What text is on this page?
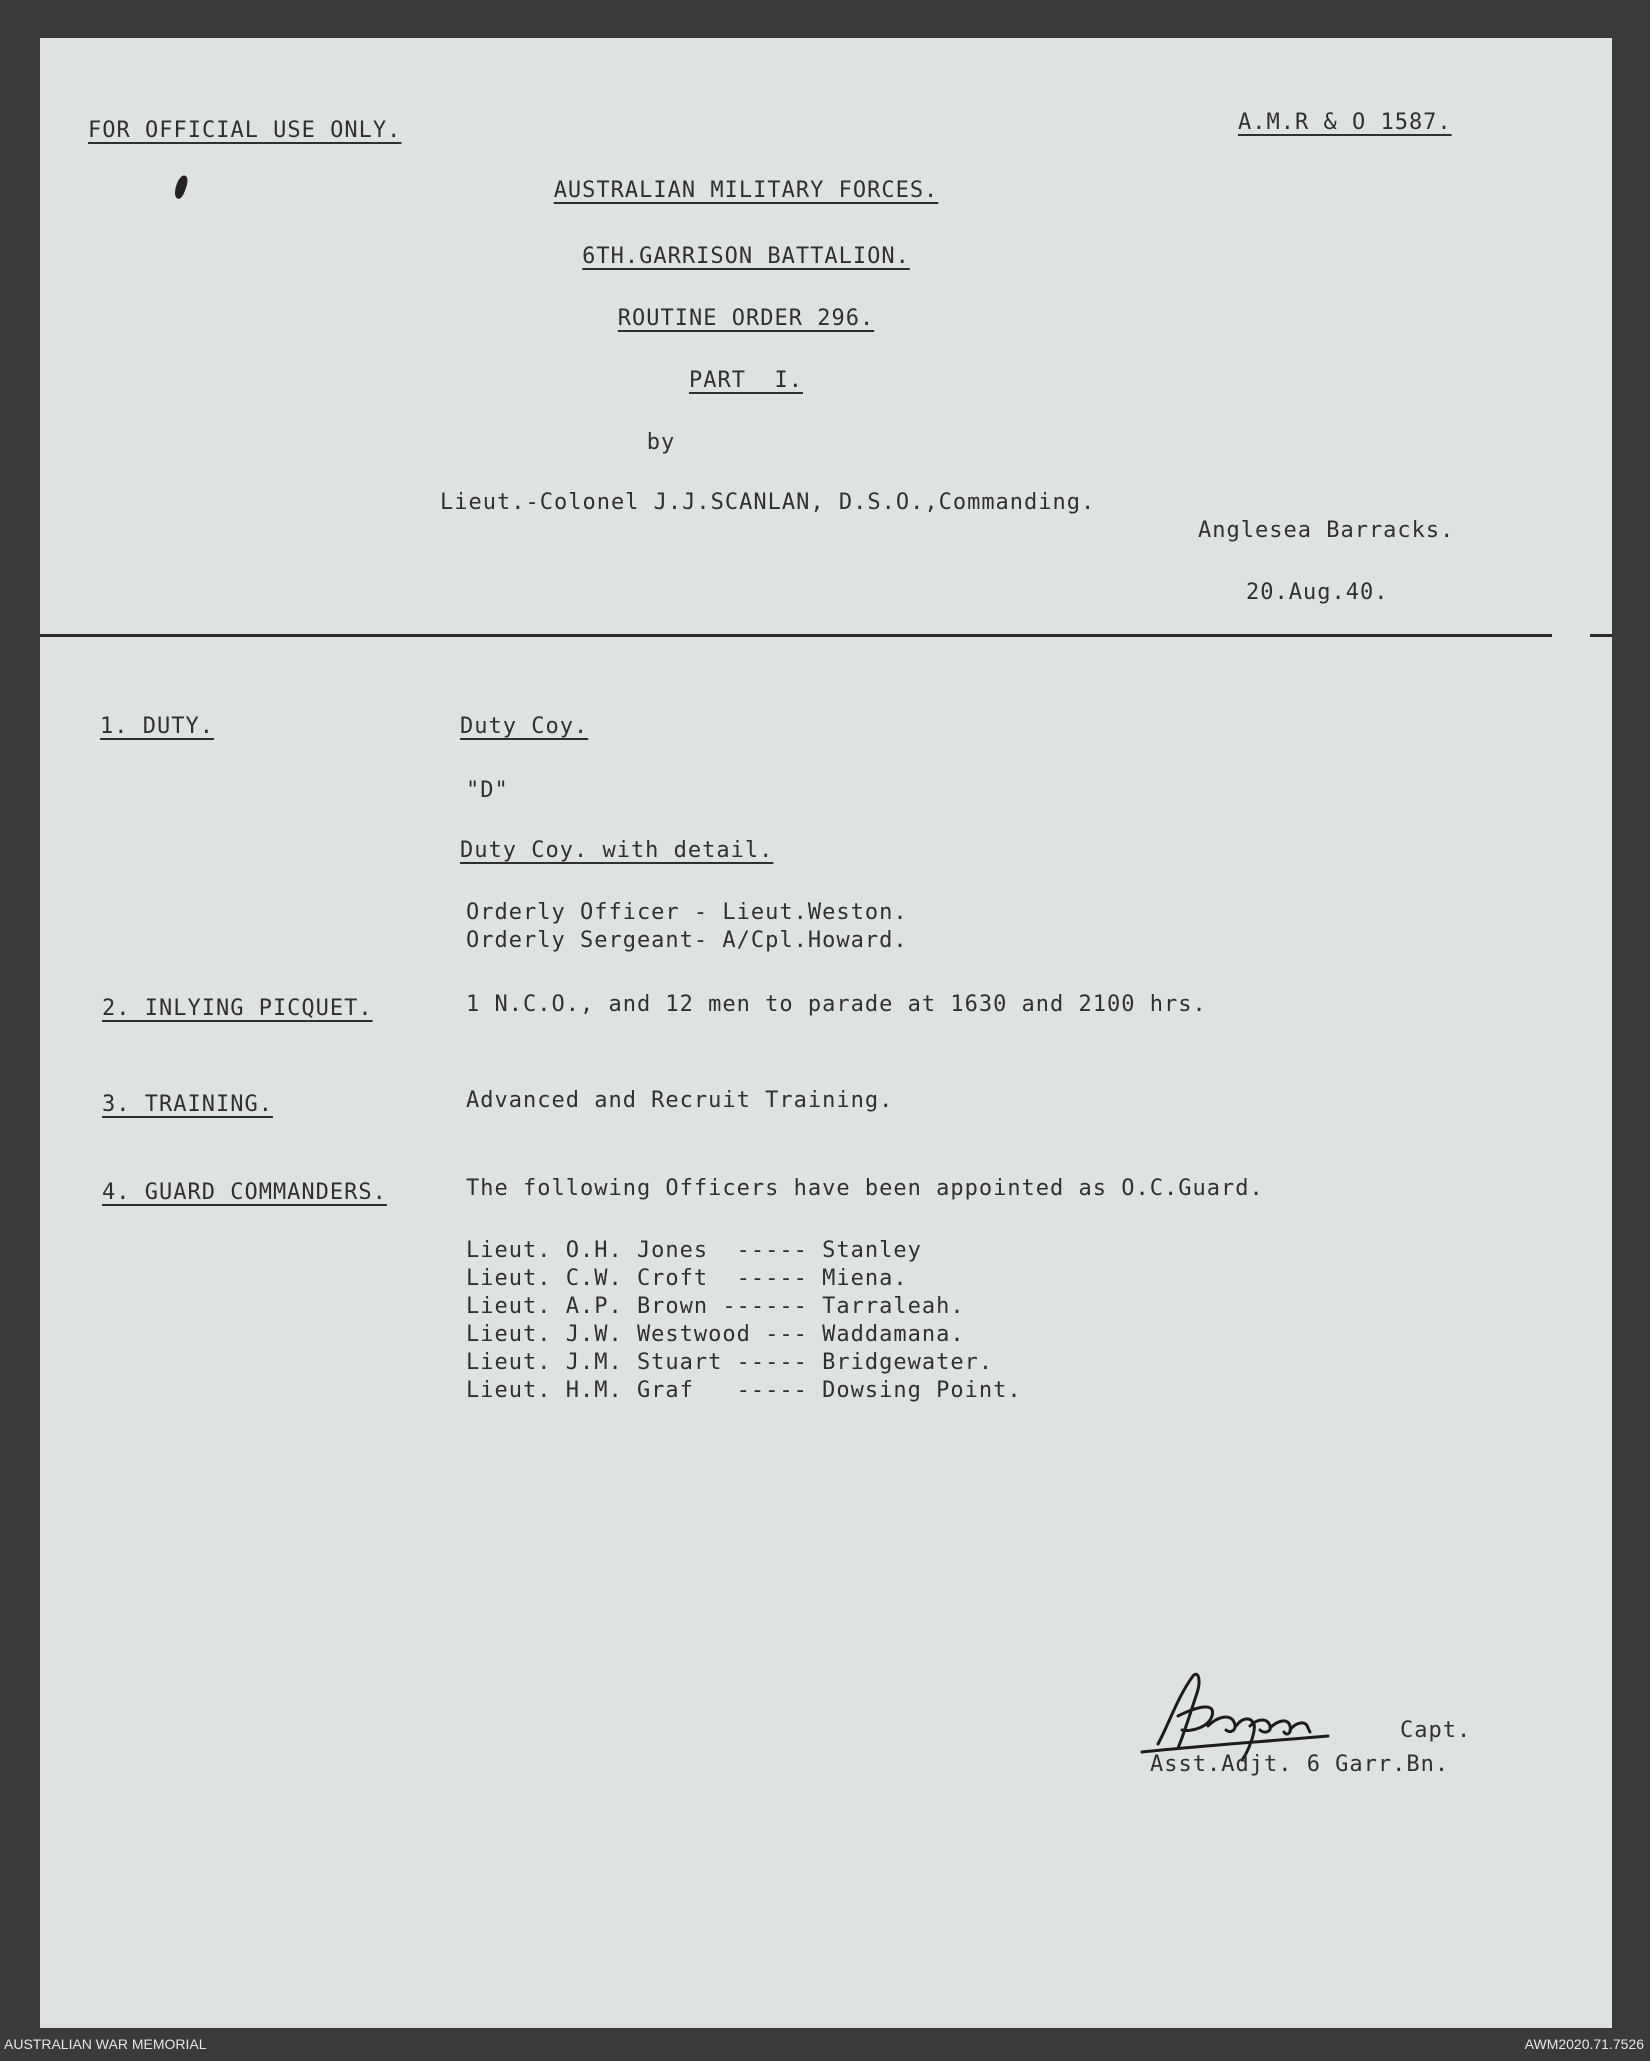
FOR OFFICIAL USE ONLY.	A.M.R & O 1587.
AUSTRALIAN MILITARY FORCES.
6TH.GARRISON BATTALION.
ROUTINE ORDER 296.
PART  I.
by
Lieut.-Colonel J.J.SCANLAN, D.S.O.,Commanding.
Anglesea Barracks.
20.Aug.40.
1. DUTY.	Duty Coy.
"D"
Duty Coy. with detail.
Orderly Officer - Lieut.Weston.
Orderly Sergeant- A/Cpl.Howard.
2. INLYING PICQUET.	1 N.C.O., and 12 men to parade at 1630 and 2100 hrs.
3. TRAINING.	Advanced and Recruit Training.
4. GUARD COMMANDERS.	The following Officers have been appointed as O.C.Guard.
Lieut. O.H. Jones  ----- Stanley
Lieut. C.W. Croft  ----- Miena.
Lieut. A.P. Brown ------ Tarraleah.
Lieut. J.W. Westwood --- Waddamana.
Lieut. J.M. Stuart ----- Bridgewater.
Lieut. H.M. Graf   ----- Dowsing Point.
Capt.
Asst.Adjt. 6 Garr.Bn.
AUSTRALIAN WAR MEMORIAL	AWM2020.71.7526
